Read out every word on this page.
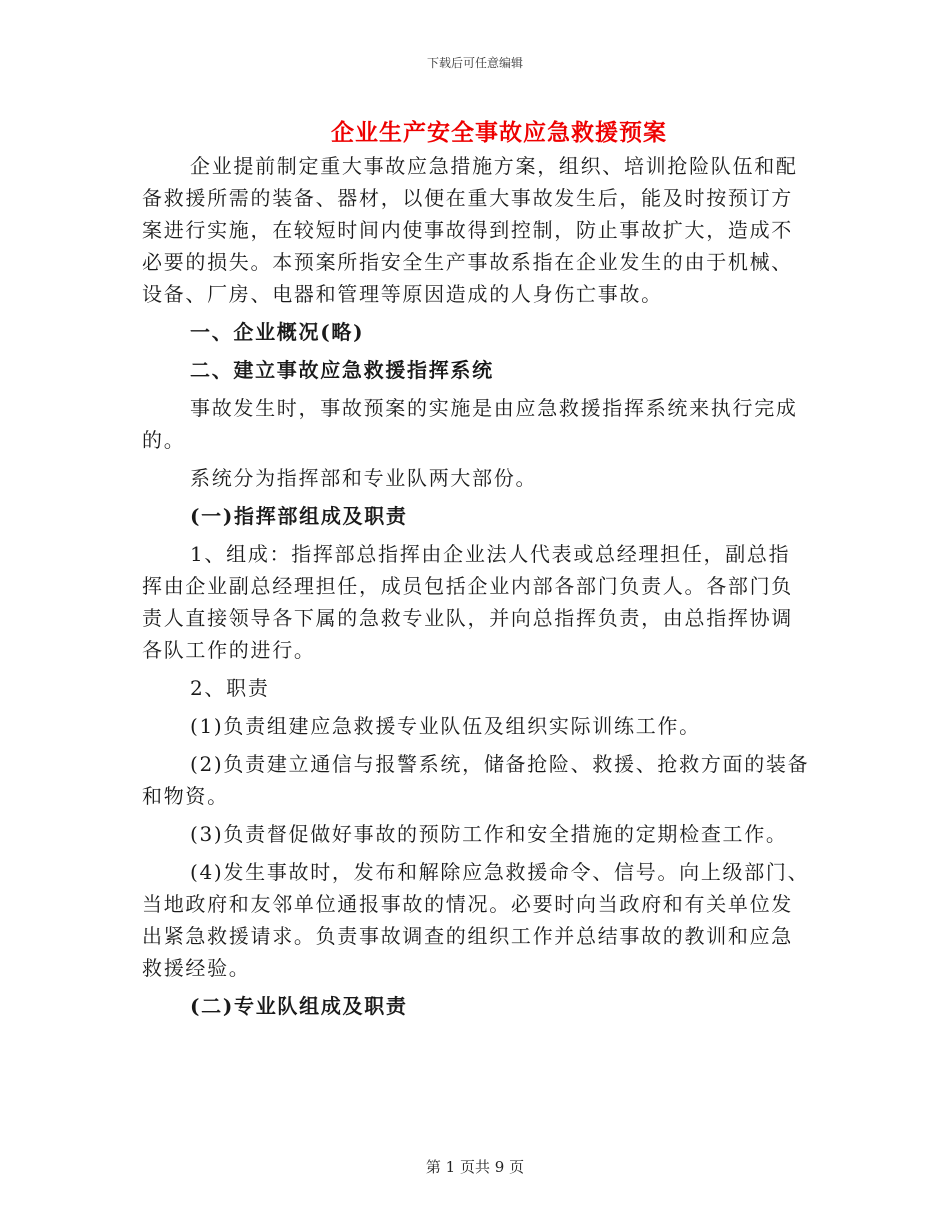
下载后可任意编辑
企业生产安全事故应急救援预案

企业提前制定重大事故应急措施方案，组织、培训抢险队伍和配备救援所需的装备、器材，以便在重大事故发生后，能及时按预订方案进行实施，在较短时间内使事故得到控制，防止事故扩大，造成不必要的损失。本预案所指安全生产事故系指在企业发生的由于机械、设备、厂房、电器和管理等原因造成的人身伤亡事故。

一、企业概况(略)

二、建立事故应急救援指挥系统

事故发生时，事故预案的实施是由应急救援指挥系统来执行完成的。

系统分为指挥部和专业队两大部份。

(一)指挥部组成及职责

1、组成：指挥部总指挥由企业法人代表或总经理担任，副总指挥由企业副总经理担任，成员包括企业内部各部门负责人。各部门负责人直接领导各下属的急救专业队，并向总指挥负责，由总指挥协调各队工作的进行。

2、职责

(1)负责组建应急救援专业队伍及组织实际训练工作。

(2)负责建立通信与报警系统，储备抢险、救援、抢救方面的装备和物资。

(3)负责督促做好事故的预防工作和安全措施的定期检查工作。

(4)发生事故时，发布和解除应急救援命令、信号。向上级部门、当地政府和友邻单位通报事故的情况。必要时向当政府和有关单位发出紧急救援请求。负责事故调查的组织工作并总结事故的教训和应急救援经验。

(二)专业队组成及职责

第 1 页共 9 页
